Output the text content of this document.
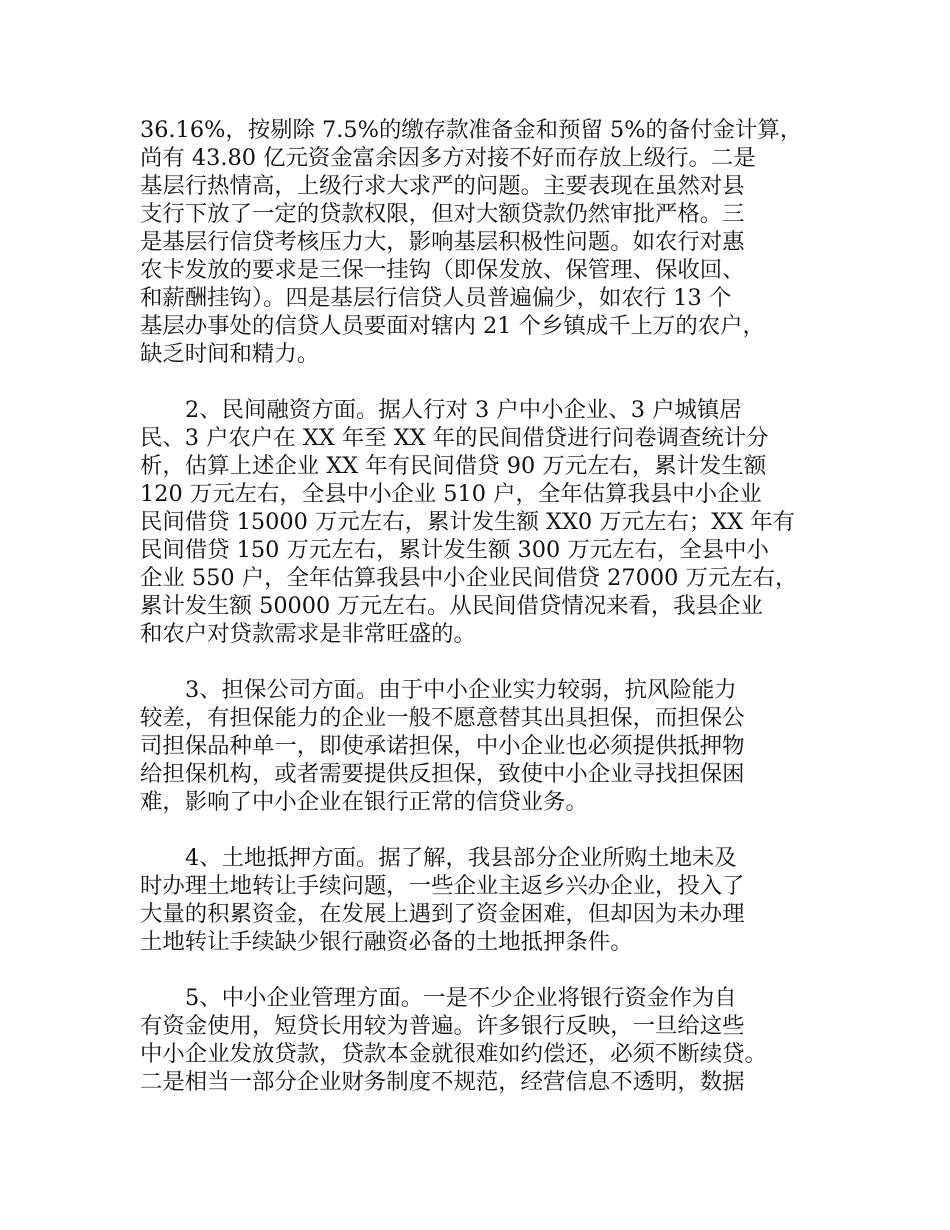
36.16%，按剔除 7.5%的缴存款准备金和预留 5%的备付金计算，
尚有 43.80 亿元资金富余因多方对接不好而存放上级行。二是
基层行热情高，上级行求大求严的问题。主要表现在虽然对县
支行下放了一定的贷款权限，但对大额贷款仍然审批严格。三
是基层行信贷考核压力大，影响基层积极性问题。如农行对惠
农卡发放的要求是三保一挂钩（即保发放、保管理、保收回、
和薪酬挂钩）。四是基层行信贷人员普遍偏少，如农行 13 个
基层办事处的信贷人员要面对辖内 21 个乡镇成千上万的农户，
缺乏时间和精力。

2、民间融资方面。据人行对 3 户中小企业、3 户城镇居
民、3 户农户在 XX 年至 XX 年的民间借贷进行问卷调查统计分
析，估算上述企业 XX 年有民间借贷 90 万元左右，累计发生额
120 万元左右，全县中小企业 510 户，全年估算我县中小企业
民间借贷 15000 万元左右，累计发生额 XX0 万元左右；XX 年有
民间借贷 150 万元左右，累计发生额 300 万元左右，全县中小
企业 550 户，全年估算我县中小企业民间借贷 27000 万元左右，
累计发生额 50000 万元左右。从民间借贷情况来看，我县企业
和农户对贷款需求是非常旺盛的。

3、担保公司方面。由于中小企业实力较弱，抗风险能力
较差，有担保能力的企业一般不愿意替其出具担保，而担保公
司担保品种单一，即使承诺担保，中小企业也必须提供抵押物
给担保机构，或者需要提供反担保，致使中小企业寻找担保困
难，影响了中小企业在银行正常的信贷业务。

4、土地抵押方面。据了解，我县部分企业所购土地未及
时办理土地转让手续问题，一些企业主返乡兴办企业，投入了
大量的积累资金，在发展上遇到了资金困难，但却因为未办理
土地转让手续缺少银行融资必备的土地抵押条件。

5、中小企业管理方面。一是不少企业将银行资金作为自
有资金使用，短贷长用较为普遍。许多银行反映，一旦给这些
中小企业发放贷款，贷款本金就很难如约偿还，必须不断续贷。
二是相当一部分企业财务制度不规范，经营信息不透明，数据
